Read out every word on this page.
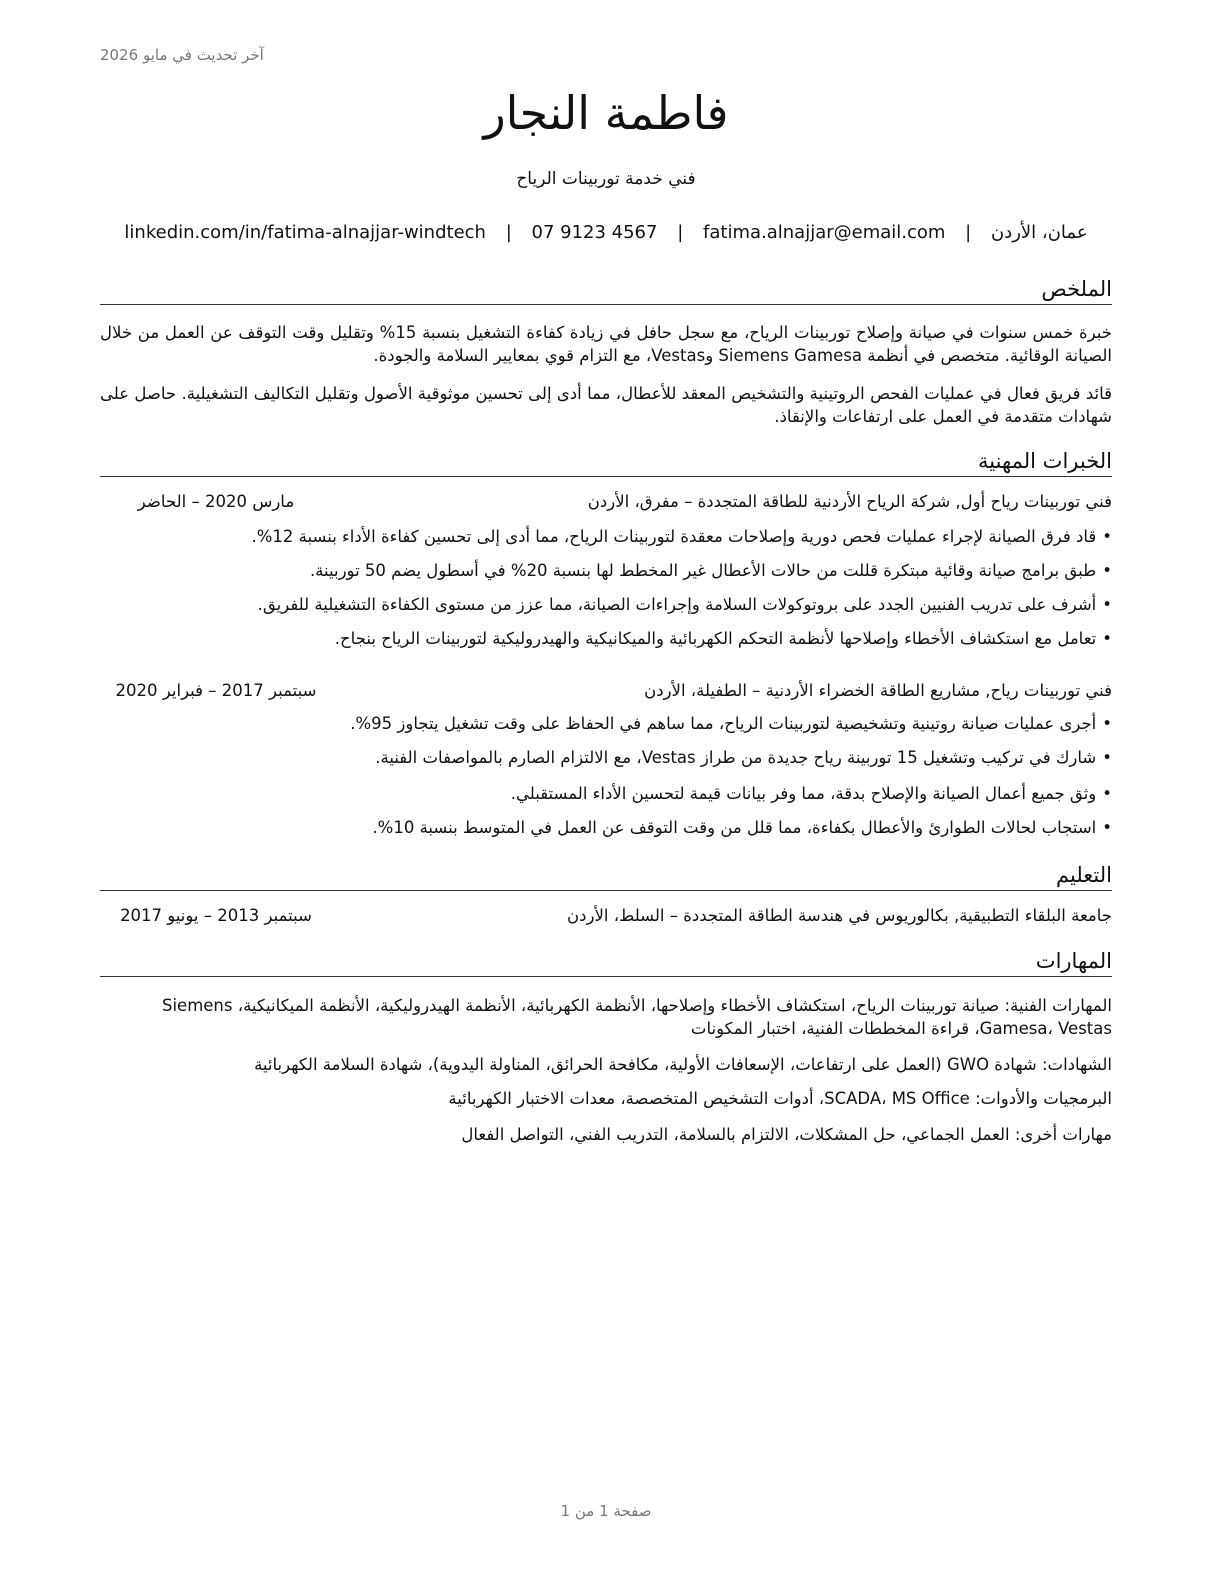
آخر تحديث في مايو 2026
فاطمة النجار
فني خدمة توربينات الرياح
عمان، الأردن | fatima.alnajjar@email.com | 07 9123 4567 | linkedin.com/in/fatima-alnajjar-windtech
الملخص
خبرة خمس سنوات في صيانة وإصلاح توربينات الرياح، مع سجل حافل في زيادة كفاءة التشغيل بنسبة 15% وتقليل وقت التوقف عن العمل من خلال الصيانة الوقائية. متخصص في أنظمة Siemens Gamesa وVestas، مع التزام قوي بمعايير السلامة والجودة.
قائد فريق فعال في عمليات الفحص الروتينية والتشخيص المعقد للأعطال، مما أدى إلى تحسين موثوقية الأصول وتقليل التكاليف التشغيلية. حاصل على شهادات متقدمة في العمل على ارتفاعات والإنقاذ.
الخبرات المهنية
فني توربينات رياح أول, شركة الرياح الأردنية للطاقة المتجددة – مفرق، الأردن
مارس 2020 – الحاضر
•قاد فرق الصيانة لإجراء عمليات فحص دورية وإصلاحات معقدة لتوربينات الرياح، مما أدى إلى تحسين كفاءة الأداء بنسبة 12%.
•طبق برامج صيانة وقائية مبتكرة قللت من حالات الأعطال غير المخطط لها بنسبة 20% في أسطول يضم 50 توربينة.
•أشرف على تدريب الفنيين الجدد على بروتوكولات السلامة وإجراءات الصيانة، مما عزز من مستوى الكفاءة التشغيلية للفريق.
•تعامل مع استكشاف الأخطاء وإصلاحها لأنظمة التحكم الكهربائية والميكانيكية والهيدروليكية لتوربينات الرياح بنجاح.
فني توربينات رياح, مشاريع الطاقة الخضراء الأردنية – الطفيلة، الأردن
سبتمبر 2017 – فبراير 2020
•أجرى عمليات صيانة روتينية وتشخيصية لتوربينات الرياح، مما ساهم في الحفاظ على وقت تشغيل يتجاوز 95%.
•شارك في تركيب وتشغيل 15 توربينة رياح جديدة من طراز Vestas، مع الالتزام الصارم بالمواصفات الفنية.
•وثق جميع أعمال الصيانة والإصلاح بدقة، مما وفر بيانات قيمة لتحسين الأداء المستقبلي.
•استجاب لحالات الطوارئ والأعطال بكفاءة، مما قلل من وقت التوقف عن العمل في المتوسط بنسبة 10%.
التعليم
جامعة البلقاء التطبيقية, بكالوريوس في هندسة الطاقة المتجددة – السلط، الأردن
سبتمبر 2013 – يونيو 2017
المهارات
المهارات الفنية: صيانة توربينات الرياح، استكشاف الأخطاء وإصلاحها، الأنظمة الكهربائية، الأنظمة الهيدروليكية، الأنظمة الميكانيكية، Siemens Gamesa، Vestas، قراءة المخططات الفنية، اختبار المكونات
الشهادات: شهادة GWO (العمل على ارتفاعات، الإسعافات الأولية، مكافحة الحرائق، المناولة اليدوية)، شهادة السلامة الكهربائية
البرمجيات والأدوات: SCADA، MS Office، أدوات التشخيص المتخصصة، معدات الاختبار الكهربائية
مهارات أخرى: العمل الجماعي، حل المشكلات، الالتزام بالسلامة، التدريب الفني، التواصل الفعال
صفحة 1 من 1
